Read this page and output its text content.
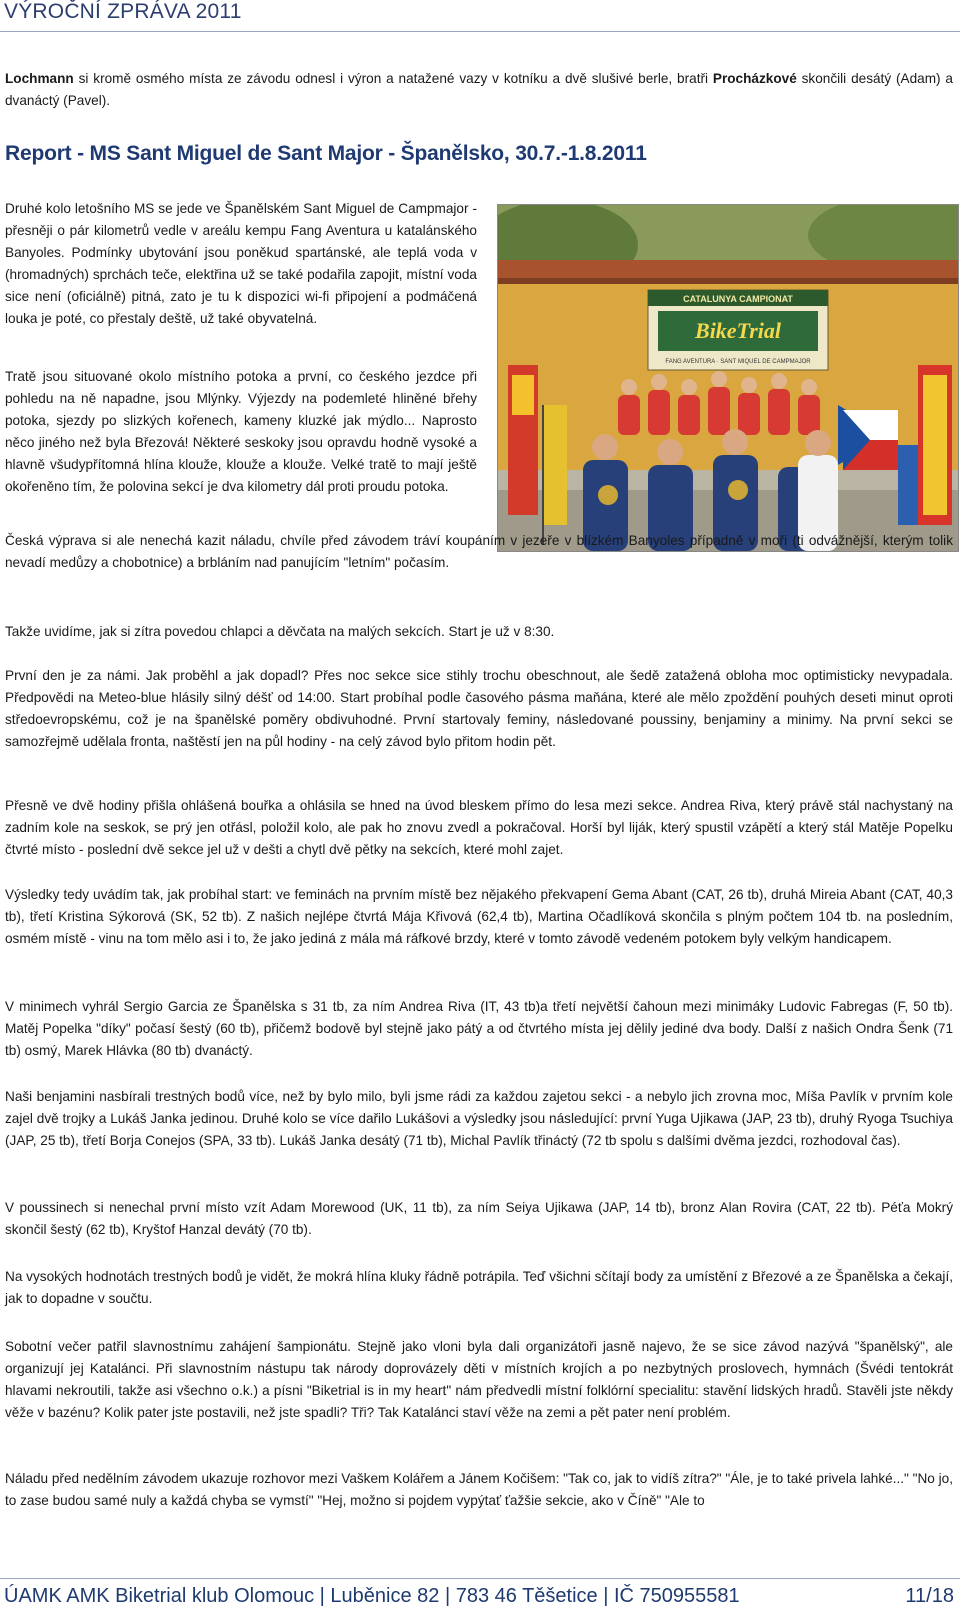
VÝROČNÍ ZPRÁVA 2011

Lochmann si kromě osmého místa ze závodu odnesl i výron a natažené vazy v kotníku a dvě slušivé berle, bratři Procházkové skončili desátý (Adam) a dvanáctý (Pavel).

Report - MS Sant Miguel de Sant Major - Španělsko, 30.7.-1.8.2011

Druhé kolo letošního MS se jede ve Španělském Sant Miguel de Campmajor - přesněji o pár kilometrů vedle v areálu kempu Fang Aventura u katalánského Banyoles. Podmínky ubytování jsou poněkud spartánské, ale teplá voda v (hromadných) sprchách teče, elektřina už se také podařila zapojit, místní voda sice není (oficiálně) pitná, zato je tu k dispozici wi-fi připojení a podmáčená louka je poté, co přestaly deště, už také obyvatelná.

Tratě jsou situované okolo místního potoka a první, co českého jezdce při pohledu na ně napadne, jsou Mlýnky. Výjezdy na podemleté hliněné břehy potoka, sjezdy po slizkých kořenech, kameny kluzké jak mýdlo... Naprosto něco jiného než byla Březová! Některé seskoky jsou opravdu hodně vysoké a hlavně všudypřítomná hlína klouže, klouže a klouže. Velké tratě to mají ještě okořeněno tím, že polovina sekcí je dva kilometry dál proti proudu potoka.

CATALUNYA CAMPIONAT
BikeTrial
FANG AVENTURA · SANT MIQUEL DE CAMPMAJOR

Česká výprava si ale nenechá kazit náladu, chvíle před závodem tráví koupáním v jezeře v blízkém Banyoles případně v moři (ti odvážnější, kterým tolik nevadí medůzy a chobotnice) a brbláním nad panujícím "letním" počasím.

Takže uvidíme, jak si zítra povedou chlapci a děvčata na malých sekcích. Start je už v 8:30.

První den je za námi. Jak proběhl a jak dopadl? Přes noc sekce sice stihly trochu obeschnout, ale šedě zatažená obloha moc optimisticky nevypadala. Předpovědi na Meteo-blue hlásily silný déšť od 14:00. Start probíhal podle časového pásma maňána, které ale mělo zpoždění pouhých deseti minut oproti středoevropskému, což je na španělské poměry obdivuhodné. První startovaly feminy, následované poussiny, benjaminy a minimy. Na první sekci se samozřejmě udělala fronta, naštěstí jen na půl hodiny - na celý závod bylo přitom hodin pět.

Přesně ve dvě hodiny přišla ohlášená bouřka a ohlásila se hned na úvod bleskem přímo do lesa mezi sekce. Andrea Riva, který právě stál nachystaný na zadním kole na seskok, se prý jen otřásl, položil kolo, ale pak ho znovu zvedl a pokračoval. Horší byl liják, který spustil vzápětí a který stál Matěje Popelku čtvrté místo - poslední dvě sekce jel už v dešti a chytl dvě pětky na sekcích, které mohl zajet.

Výsledky tedy uvádím tak, jak probíhal start: ve feminách na prvním místě bez nějakého překvapení Gema Abant (CAT, 26 tb), druhá Mireia Abant (CAT, 40,3 tb), třetí Kristina Sýkorová (SK, 52 tb). Z našich nejlépe čtvrtá Mája Křivová (62,4 tb), Martina Očadlíková skončila s plným počtem 104 tb. na posledním, osmém místě - vinu na tom mělo asi i to, že jako jediná z mála má ráfkové brzdy, které v tomto závodě vedeném potokem byly velkým handicapem.

V minimech vyhrál Sergio Garcia ze Španělska s 31 tb, za ním Andrea Riva (IT, 43 tb)a třetí největší čahoun mezi minimáky Ludovic Fabregas (F, 50 tb). Matěj Popelka "díky" počasí šestý (60 tb), přičemž bodově byl stejně jako pátý a od čtvrtého místa jej dělily jediné dva body. Další z našich Ondra Šenk (71 tb) osmý, Marek Hlávka (80 tb) dvanáctý.

Naši benjamini nasbírali trestných bodů více, než by bylo milo, byli jsme rádi za každou zajetou sekci - a nebylo jich zrovna moc, Míša Pavlík v prvním kole zajel dvě trojky a Lukáš Janka jedinou. Druhé kolo se více dařilo Lukášovi a výsledky jsou následující: první Yuga Ujikawa (JAP, 23 tb), druhý Ryoga Tsuchiya (JAP, 25 tb), třetí Borja Conejos (SPA, 33 tb). Lukáš Janka desátý (71 tb), Michal Pavlík třináctý (72 tb spolu s dalšími dvěma jezdci, rozhodoval čas).

V poussinech si nenechal první místo vzít Adam Morewood (UK, 11 tb), za ním Seiya Ujikawa (JAP, 14 tb), bronz Alan Rovira (CAT, 22 tb). Péťa Mokrý skončil šestý (62 tb), Kryštof Hanzal devátý (70 tb).

Na vysokých hodnotách trestných bodů je vidět, že mokrá hlína kluky řádně potrápila. Teď všichni sčítají body za umístění z Březové a ze Španělska a čekají, jak to dopadne v součtu.

Sobotní večer patřil slavnostnímu zahájení šampionátu. Stejně jako vloni byla dali organizátoři jasně najevo, že se sice závod nazývá "španělský", ale organizují jej Katalánci. Při slavnostním nástupu tak národy doprovázely děti v místních krojích a po nezbytných proslovech, hymnách (Švédi tentokrát hlavami nekroutili, takže asi všechno o.k.) a písni "Biketrial is in my heart" nám předvedli místní folklórní specialitu: stavění lidských hradů. Stavěli jste někdy věže v bazénu? Kolik pater jste postavili, než jste spadli? Tři? Tak Katalánci staví věže na zemi a pět pater není problém.

Náladu před nedělním závodem ukazuje rozhovor mezi Vaškem Kolářem a Jánem Kočišem: "Tak co, jak to vidíš zítra?" "Ále, je to také privela lahké..." "No jo, to zase budou samé nuly a každá chyba se vymstí" "Hej, možno si pojdem vypýtať ťažšie sekcie, ako v Číně" "Ale to

ÚAMK AMK Biketrial klub Olomouc | Luběnice 82 | 783 46 Těšetice | IČ 750955581	11/18
